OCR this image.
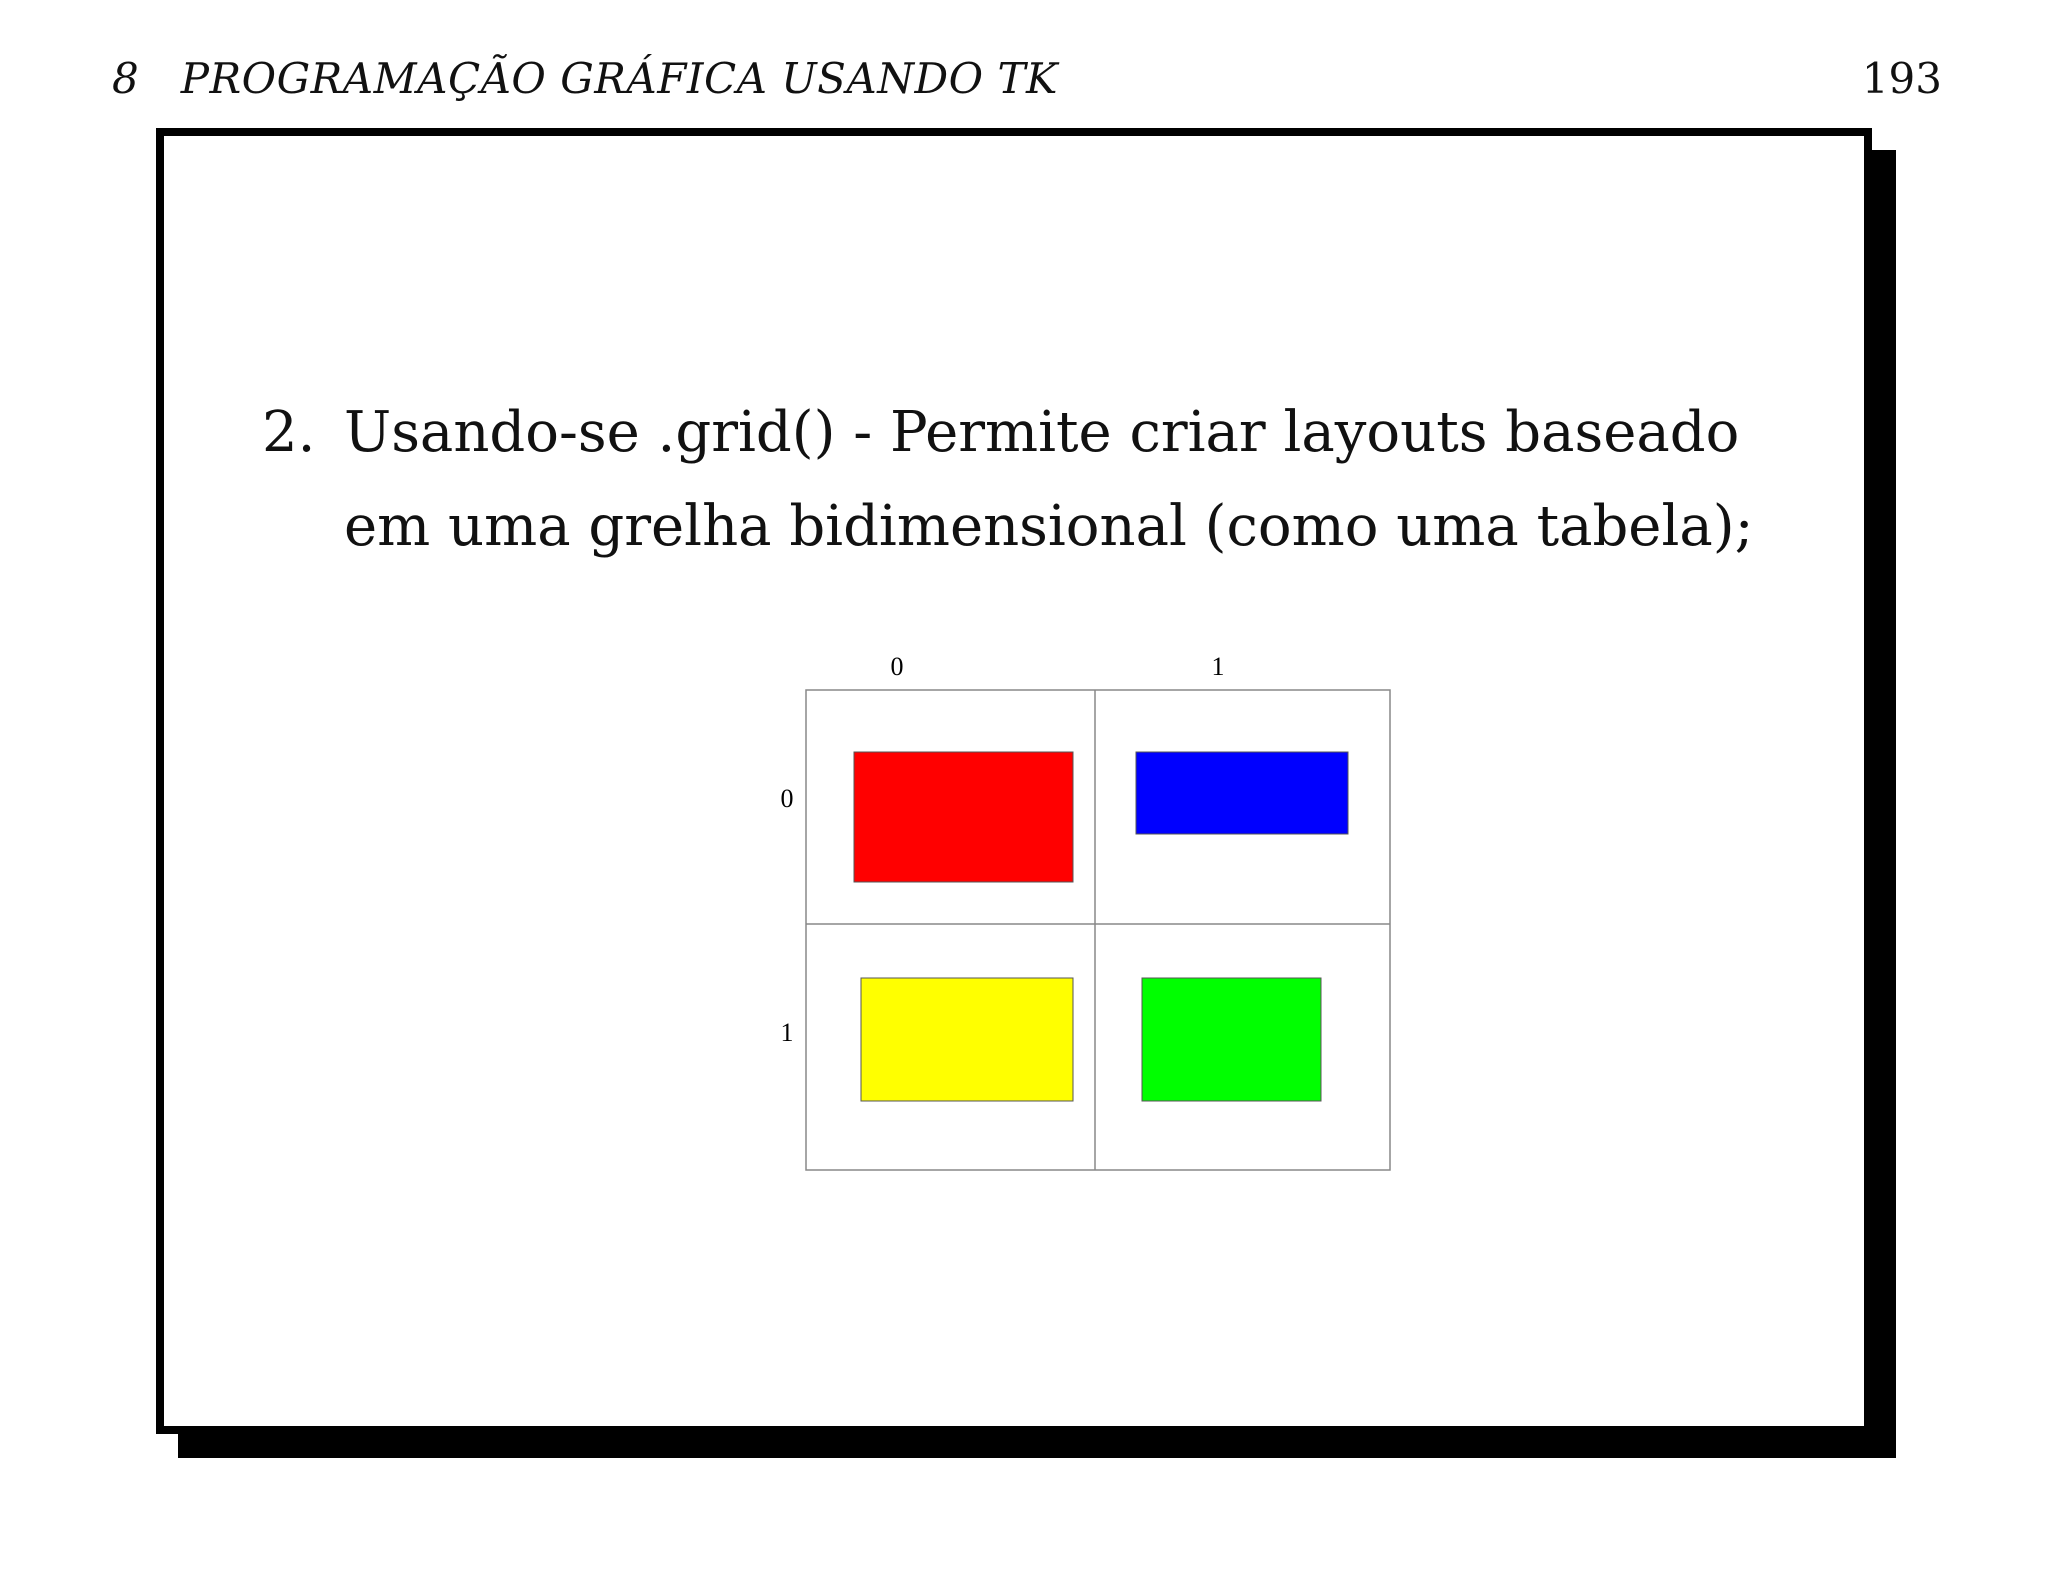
8 PROGRAMAÇÃO GRÁFICA USANDO TK	193
2. Usando-se .grid() - Permite criar layouts baseado em uma grelha bidimensional (como uma tabela);
0	1
0
1
